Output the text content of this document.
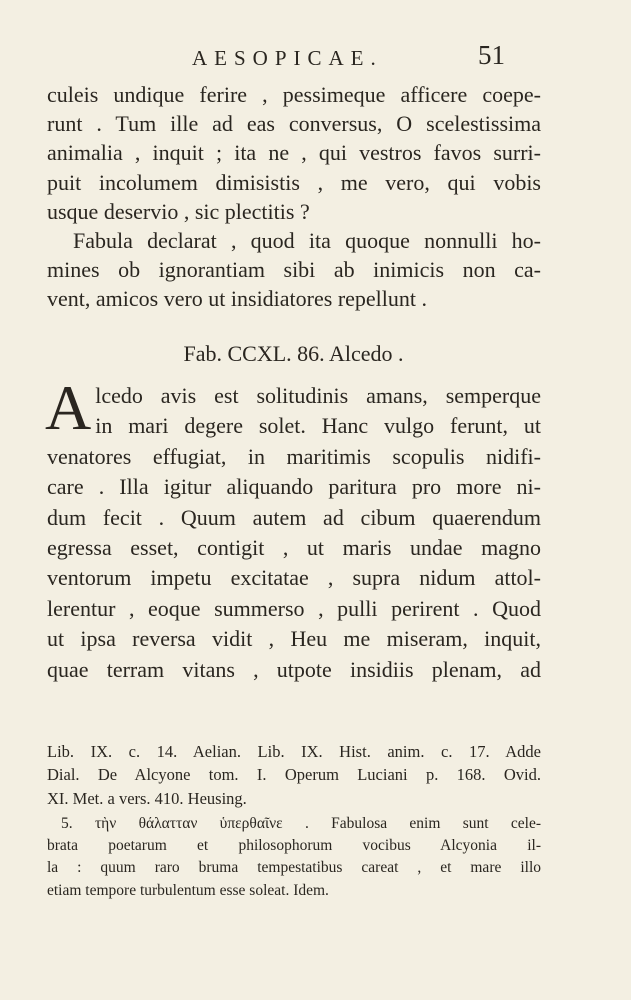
AESOPICAE.	51
culeis undique ferire , pessimeque afficere coepe-
runt . Tum ille ad eas conversus, O scelestissima
animalia , inquit ; ita ne , qui vestros favos surri-
puit incolumem dimisistis , me vero, qui vobis
usque deservio , sic plectitis ?
Fabula declarat , quod ita quoque nonnulli ho-
mines ob ignorantiam sibi ab inimicis non ca-
vent, amicos vero ut insidiatores repellunt .
Fab. CCXL. 86. Alcedo .
A lcedo avis est solitudinis amans, semperque
in mari degere solet. Hanc vulgo ferunt, ut
venatores effugiat, in maritimis scopulis nidifi-
care . Illa igitur aliquando paritura pro more ni-
dum fecit . Quum autem ad cibum quaerendum
egressa esset, contigit , ut maris undae magno
ventorum impetu excitatae , supra nidum attol-
lerentur , eoque summerso , pulli perirent . Quod
ut ipsa reversa vidit , Heu me miseram, inquit,
quae terram vitans , utpote insidiis plenam, ad

Lib. IX. c. 14. Aelian. Lib. IX. Hist. anim. c. 17. Adde
Dial. De Alcyone tom. I. Operum Luciani p. 168. Ovid.
XI. Met. a vers. 410. Heusing.

5. τὴν θάλατταν ὑπερθαῖνε . Fabulosa enim sunt cele-
brata poetarum et philosophorum vocibus Alcyonia il-
la : quum raro bruma tempestatibus careat , et mare illo
etiam tempore turbulentum esse soleat. Idem.
